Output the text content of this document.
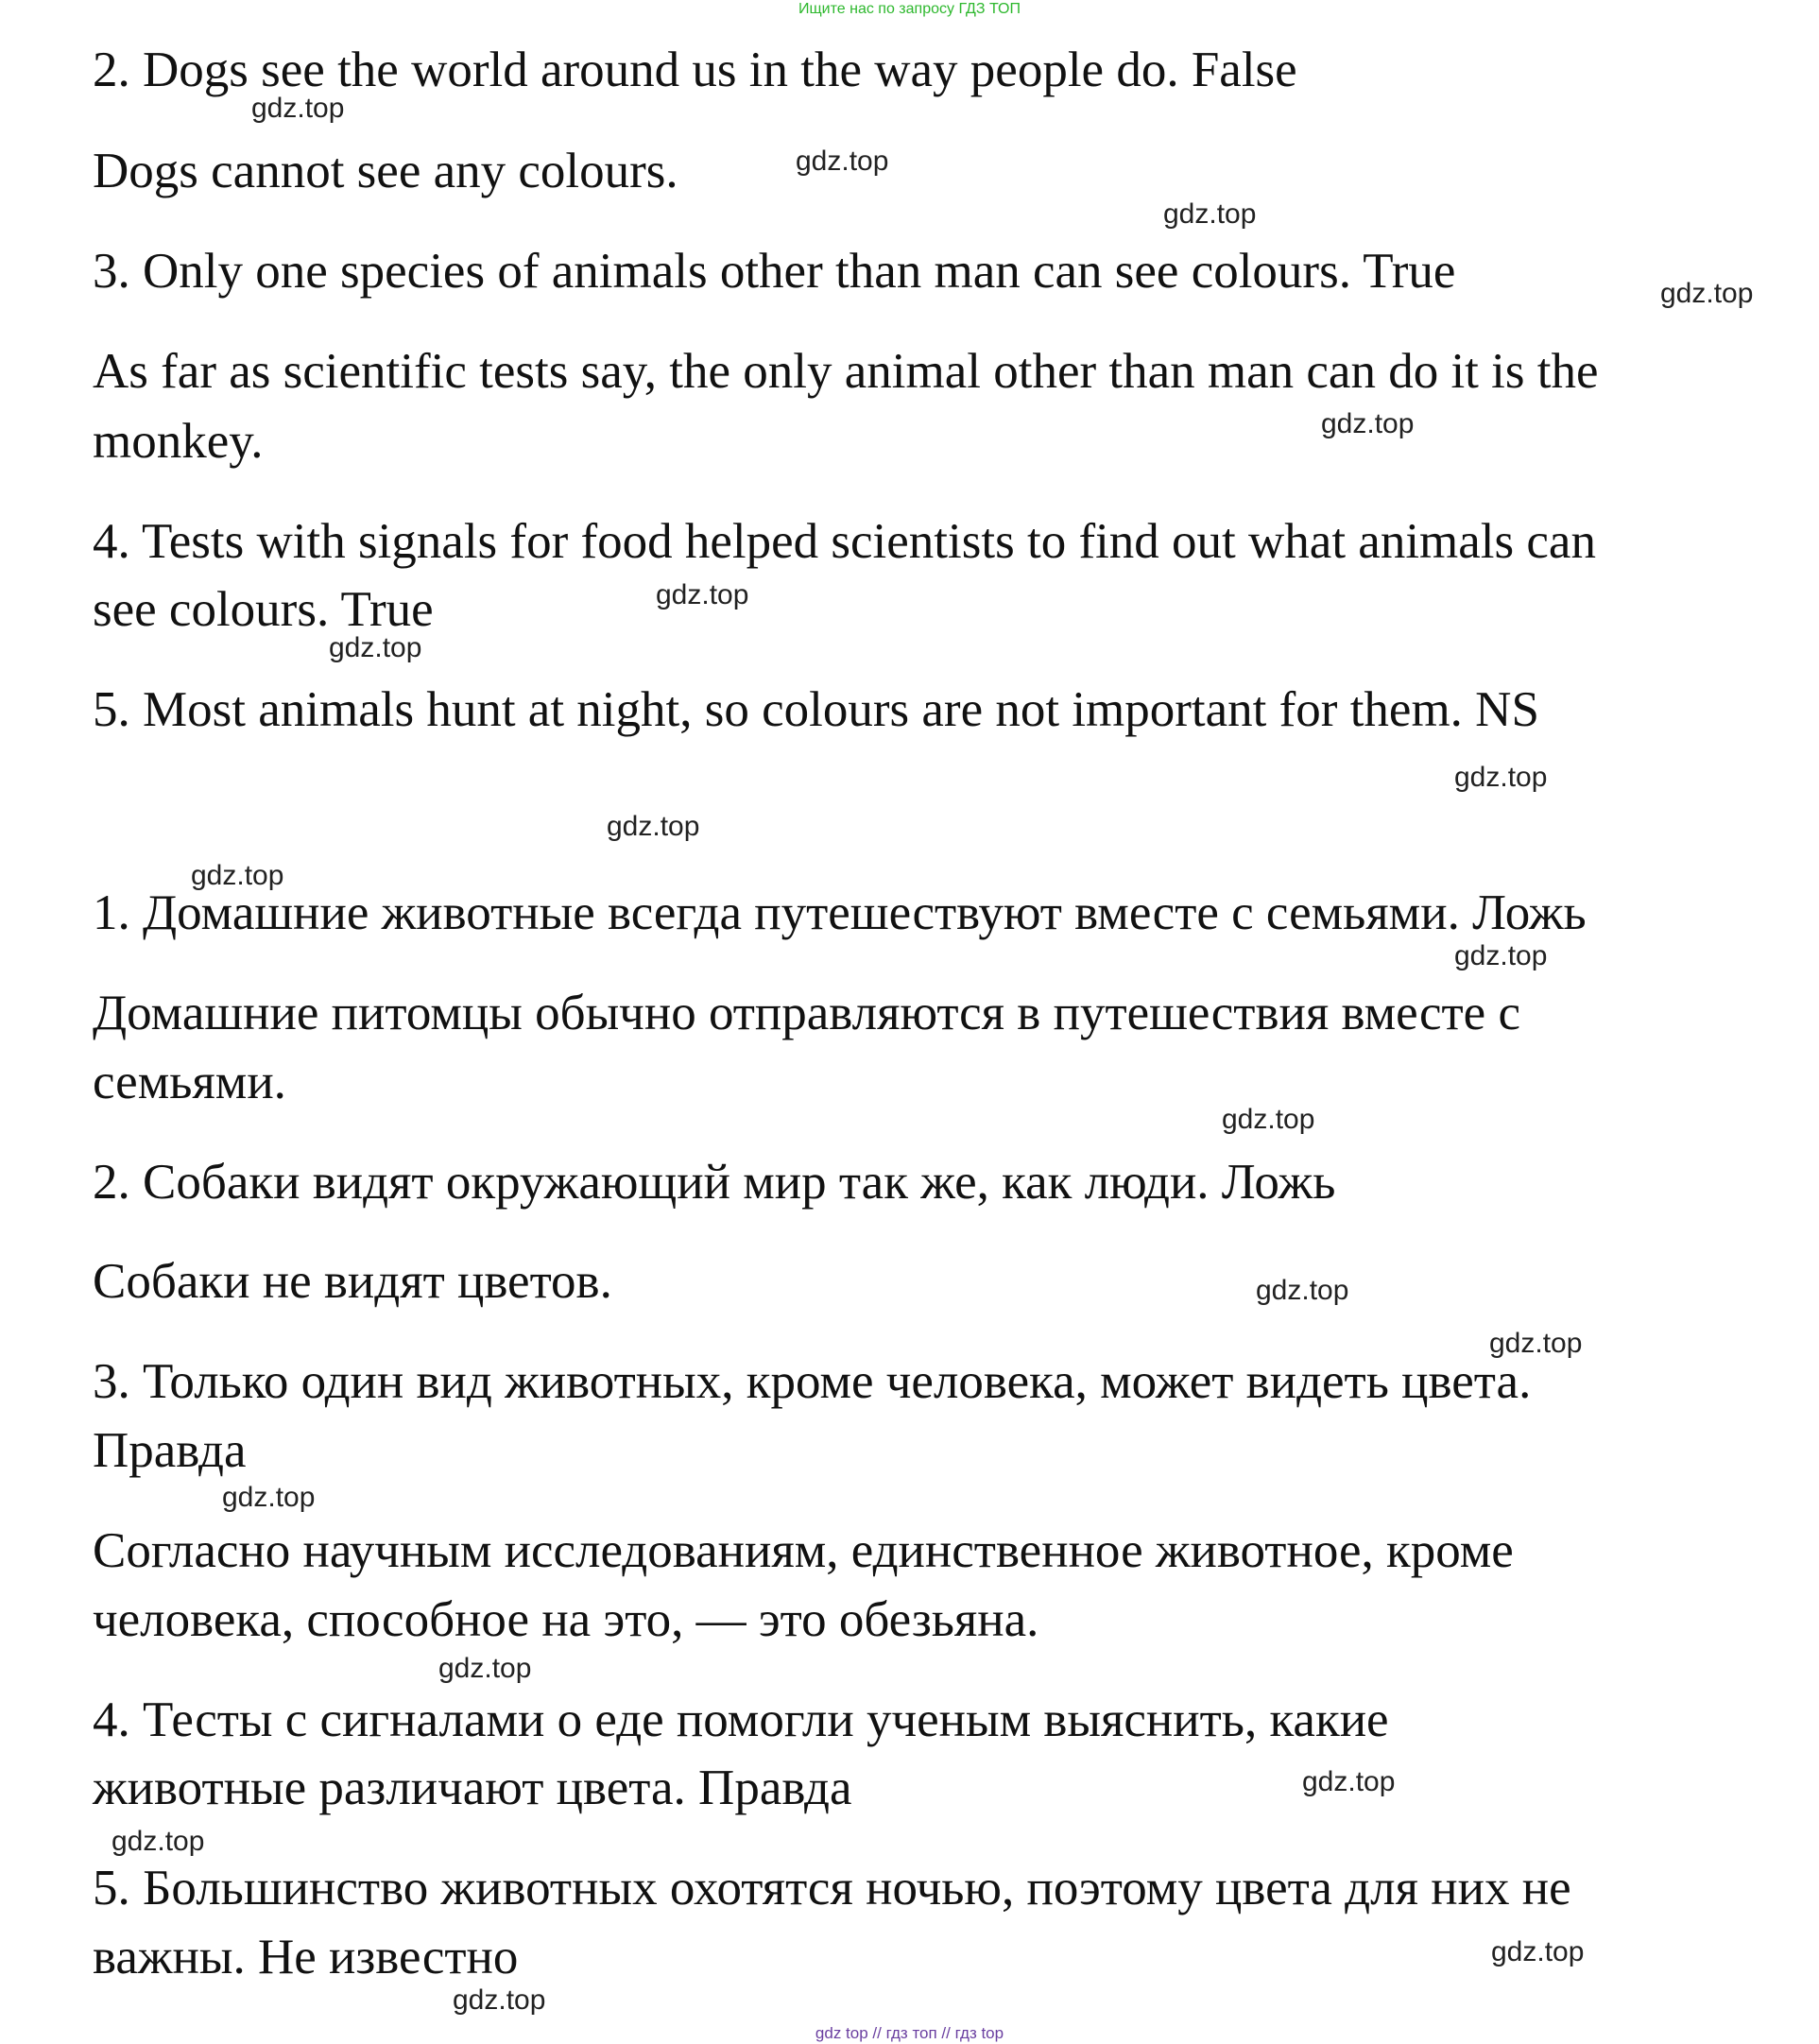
Ищите нас по запросу ГДЗ ТОП

2. Dogs see the world around us in the way people do. False

Dogs cannot see any colours.

3. Only one species of animals other than man can see colours. True

As far as scientific tests say, the only animal other than man can do it is the

monkey.

4. Tests with signals for food helped scientists to find out what animals can

see colours. True

5. Most animals hunt at night, so colours are not important for them. NS

1. Домашние животные всегда путешествуют вместе с семьями. Ложь

Домашние питомцы обычно отправляются в путешествия вместе с

семьями.

2. Собаки видят окружающий мир так же, как люди. Ложь

Собаки не видят цветов.

3. Только один вид животных, кроме человека, может видеть цвета.

Правда

Согласно научным исследованиям, единственное животное, кроме

человека, способное на это, — это обезьяна.

4. Тесты с сигналами о еде помогли ученым выяснить, какие

животные различают цвета. Правда

5. Большинство животных охотятся ночью, поэтому цвета для них не

важны. Не известно

gdz.top
gdz.top
gdz.top
gdz.top
gdz.top
gdz.top
gdz.top
gdz.top
gdz.top
gdz.top
gdz.top
gdz.top
gdz.top
gdz.top
gdz.top
gdz.top
gdz.top
gdz.top
gdz.top
gdz.top
gdz top // гдз топ // гдз top
